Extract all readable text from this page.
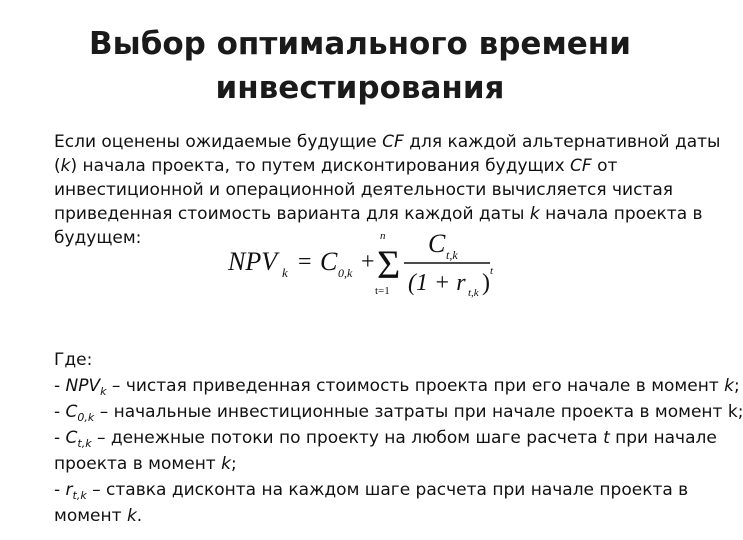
Выбор оптимального времени
инвестирования
Если оценены ожидаемые будущие CF для каждой альтернативной даты
(k) начала проекта, то путем дисконтирования будущих CF от
инвестиционной и операционной деятельности вычисляется чистая
приведенная стоимость варианта для каждой даты k начала проекта в
будущем:
NPV k = C 0,k +
n
Σ
t=1
C t,k
(1 + r t,k ) t
Где:
- $NPV_k$ – чистая приведенная стоимость проекта при его начале в момент k;
- $C_{0,k}$ – начальные инвестиционные затраты при начале проекта в момент k;
- $C_{t,k}$ – денежные потоки по проекту на любом шаге расчета t при начале
проекта в момент k;
- $r_{t,k}$ – ставка дисконта на каждом шаге расчета при начале проекта в
момент k.
